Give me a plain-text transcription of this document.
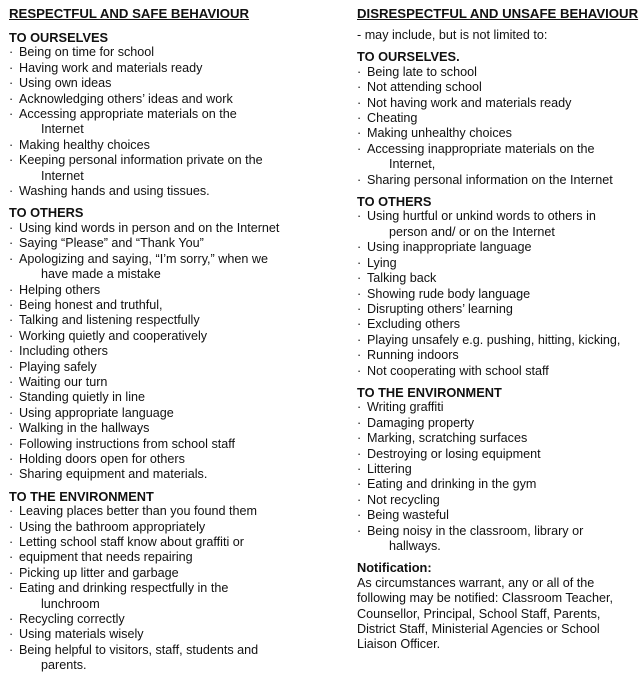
RESPECTFUL AND SAFE BEHAVIOUR
TO OURSELVES
· Being on time for school
· Having work and materials ready
· Using own ideas
· Acknowledging others’ ideas and work
· Accessing appropriate materials on the
Internet
· Making healthy choices
· Keeping personal information private on the
Internet
· Washing hands and using tissues.
TO OTHERS
· Using kind words in person and on the Internet
· Saying “Please” and “Thank You”
· Apologizing and saying, “I’m sorry,” when we
have made a mistake
· Helping others
· Being honest and truthful,
· Talking and listening respectfully
· Working quietly and cooperatively
· Including others
· Playing safely
· Waiting our turn
· Standing quietly in line
· Using appropriate language
· Walking in the hallways
· Following instructions from school staff
· Holding doors open for others
· Sharing equipment and materials.
TO THE ENVIRONMENT
· Leaving places better than you found them
· Using the bathroom appropriately
· Letting school staff know about graffiti or
· equipment that needs repairing
· Picking up litter and garbage
· Eating and drinking respectfully in the
lunchroom
· Recycling correctly
· Using materials wisely
· Being helpful to visitors, staff, students and
parents.
DISRESPECTFUL AND UNSAFE BEHAVIOUR
- may include, but is not limited to:
TO OURSELVES.
· Being late to school
· Not attending school
· Not having work and materials ready
· Cheating
· Making unhealthy choices
· Accessing inappropriate materials on the
Internet,
· Sharing personal information on the Internet
TO OTHERS
· Using hurtful or unkind words to others in
person and/ or on the Internet
· Using inappropriate language
· Lying
· Talking back
· Showing rude body language
· Disrupting others’ learning
· Excluding others
· Playing unsafely e.g. pushing, hitting, kicking,
· Running indoors
· Not cooperating with school staff
TO THE ENVIRONMENT
· Writing graffiti
· Damaging property
· Marking, scratching surfaces
· Destroying or losing equipment
· Littering
· Eating and drinking in the gym
· Not recycling
· Being wasteful
· Being noisy in the classroom, library or
hallways.
Notification:
As circumstances warrant, any or all of the
following may be notified: Classroom Teacher,
Counsellor, Principal, School Staff, Parents,
District Staff, Ministerial Agencies or School
Liaison Officer.
